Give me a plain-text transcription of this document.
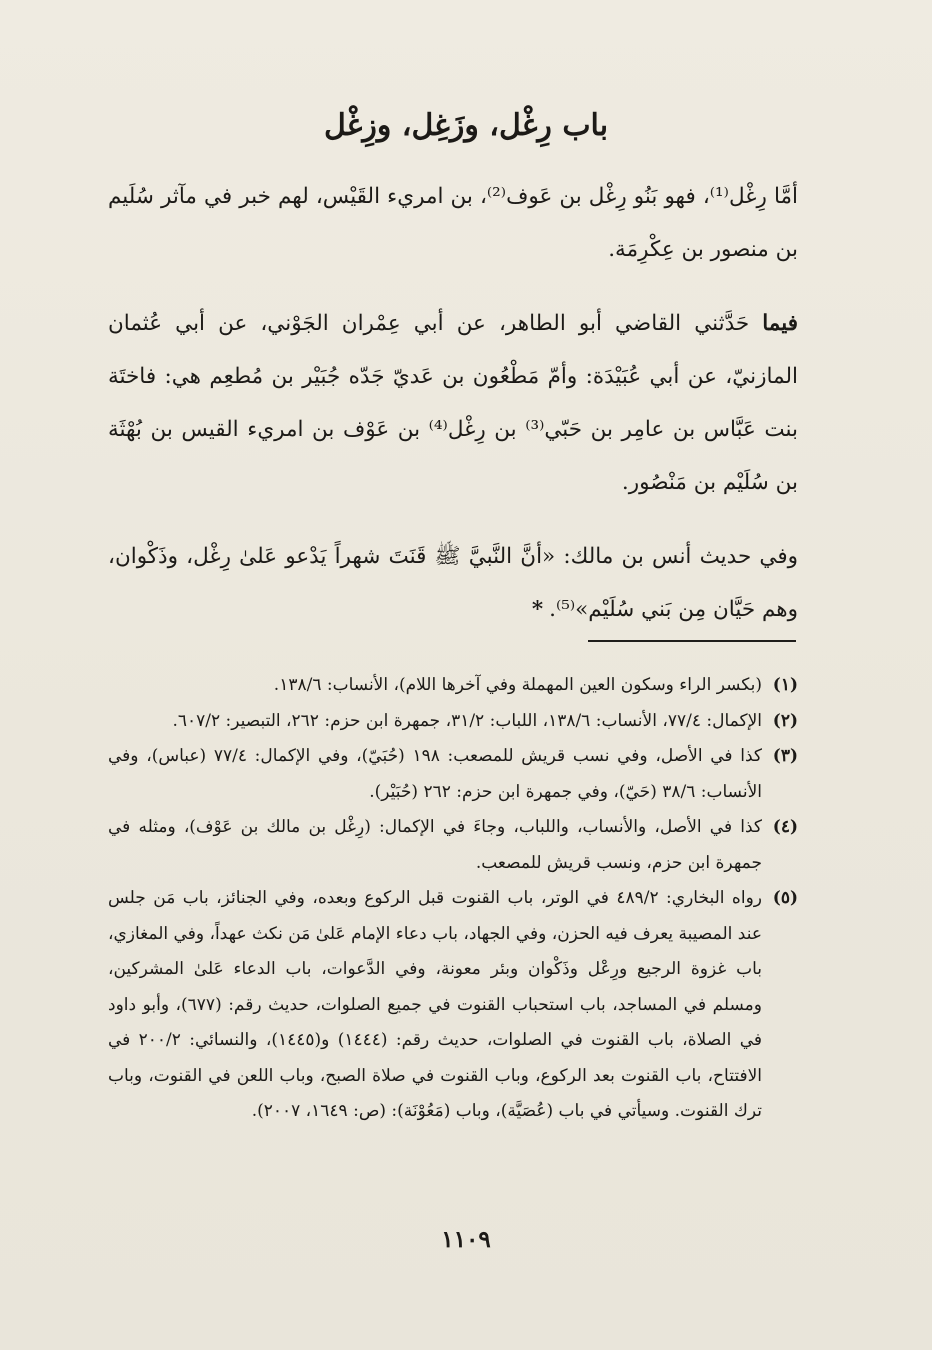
باب رِغْل، وزَغِل، وزِغْل

أمَّا رِغْل⁽¹⁾، فهو بَنُو رِغْل بن عَوف⁽²⁾، بن امريء القَيْس، لهم خبر في مآثر سُلَيم بن منصور بن عِكْرِمَة.

فيما حَدَّثني القاضي أبو الطاهر، عن أبي عِمْران الجَوْني، عن أبي عُثمان المازنيّ، عن أبي عُبَيْدَة: وأمّ مَطْعُون بن عَديّ جَدّه جُبَيْر بن مُطعِم هي: فاختَة بنت عَبَّاس بن عامِر بن حَبّي⁽³⁾ بن رِغْل⁽⁴⁾ بن عَوْف بن امريء القيس بن بُهْثَة بن سُلَيْم بن مَنْصُور.

وفي حديث أنس بن مالك: «أنَّ النَّبيَّ ﷺ قَنَتَ شهراً يَدْعو عَلىٰ رِغْل، وذَكْوان، وهم حَيَّان مِن بَني سُلَيْم»⁽⁵⁾.*

(١)
(بكسر الراء وسكون العين المهملة وفي آخرها اللام)، الأنساب: ١٣٨/٦.
(٢)
الإكمال: ٧٧/٤، الأنساب: ١٣٨/٦، اللباب: ٣١/٢، جمهرة ابن حزم: ٢٦٢، التبصير: ٦٠٧/٢.
(٣)
كذا في الأصل، وفي نسب قريش للمصعب: ١٩٨ (حُبَيّ)، وفي الإكمال: ٧٧/٤ (عباس)، وفي الأنساب: ٣٨/٦ (حَيّ)، وفي جمهرة ابن حزم: ٢٦٢ (حُبَيْر).
(٤)
كذا في الأصل، والأنساب، واللباب، وجاءَ في الإكمال: (رِغْل بن مالك بن عَوْف)، ومثله في جمهرة ابن حزم، ونسب قريش للمصعب.
(٥)
رواه البخاري: ٤٨٩/٢ في الوتر، باب القنوت قبل الركوع وبعده، وفي الجنائز، باب مَن جلس عند المصيبة يعرف فيه الحزن، وفي الجهاد، باب دعاء الإمام عَلىٰ مَن نكث عهداً، وفي المغازي، باب غزوة الرجيع ورِعْل وذَكْوان وبئر معونة، وفي الدَّعوات، باب الدعاء عَلىٰ المشركين، ومسلم في المساجد، باب استحباب القنوت في جميع الصلوات، حديث رقم: (٦٧٧)، وأبو داود في الصلاة، باب القنوت في الصلوات، حديث رقم: (١٤٤٤) و(١٤٤٥)، والنسائي: ٢٠٠/٢ في الافتتاح، باب القنوت بعد الركوع، وباب القنوت في صلاة الصبح، وباب اللعن في القنوت، وباب ترك القنوت. وسيأتي في باب (عُصَيَّة)، وباب (مَعُوْنَة): (ص: ١٦٤٩، ٢٠٠٧).
١١٠٩
